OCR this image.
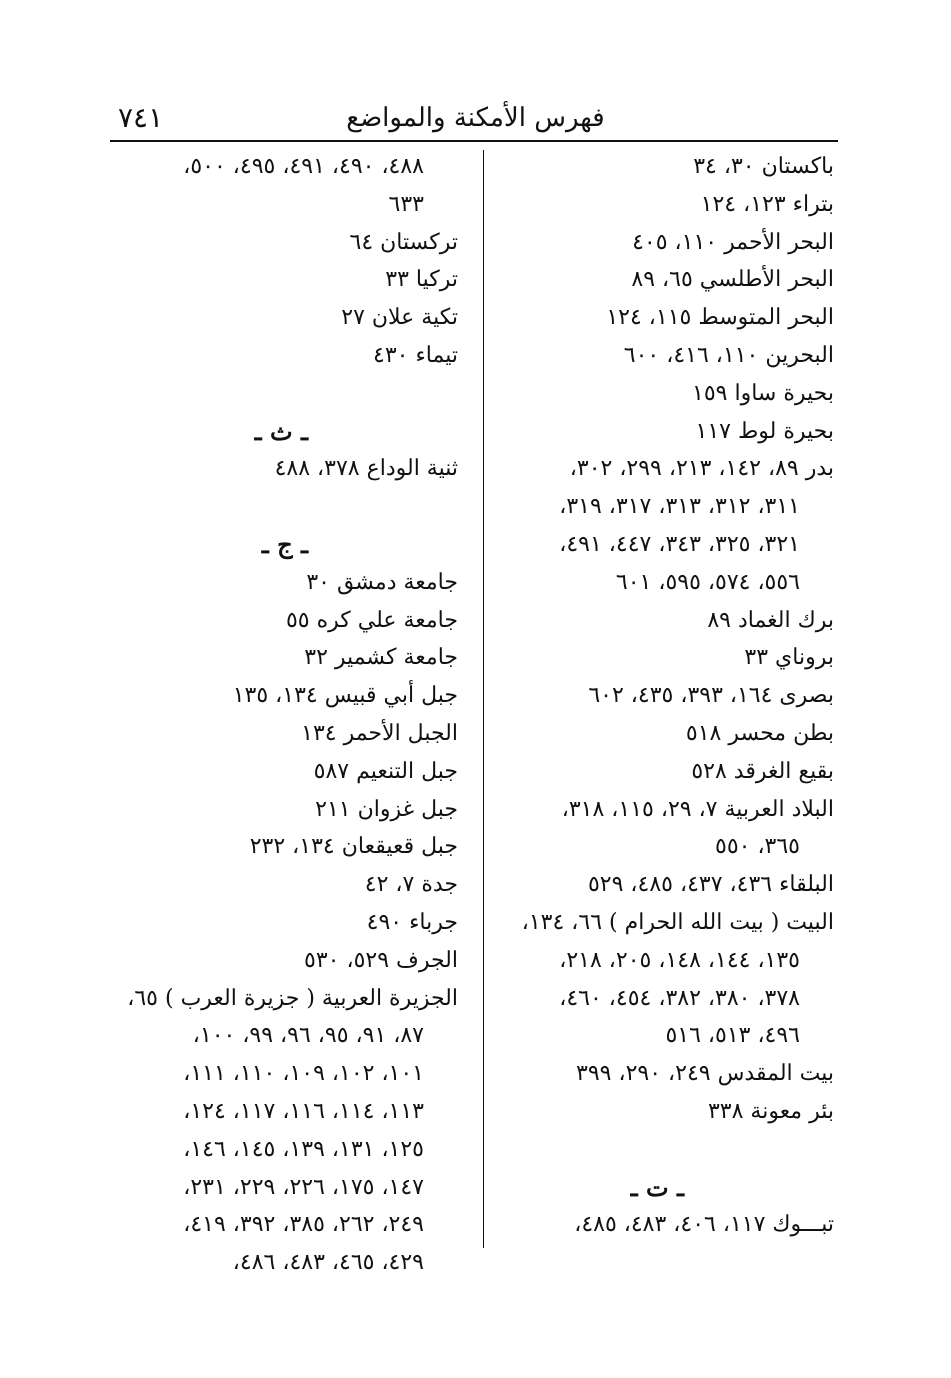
٧٤١	فهرس الأمكنة والمواضع
باكستان ٣٠، ٣٤
بتراء ١٢٣، ١٢٤
البحر الأحمر ١١٠، ٤٠٥
البحر الأطلسي ٦٥، ٨٩
البحر المتوسط ١١٥، ١٢٤
البحرين ١١٠، ٤١٦، ٦٠٠
بحيرة ساوا ١٥٩
بحيرة لوط ١١٧
بدر ٨٩، ١٤٢، ٢١٣، ٢٩٩، ٣٠٢،
٣١١، ٣١٢، ٣١٣، ٣١٧، ٣١٩،
٣٢١، ٣٢٥، ٣٤٣، ٤٤٧، ٤٩١،
٥٥٦، ٥٧٤، ٥٩٥، ٦٠١
برك الغماد ٨٩
بروناي ٣٣
بصرى ١٦٤، ٣٩٣، ٤٣٥، ٦٠٢
بطن محسر ٥١٨
بقيع الغرقد ٥٢٨
البلاد العربية ٧، ٢٩، ١١٥، ٣١٨،
٣٦٥، ٥٥٠
البلقاء ٤٣٦، ٤٣٧، ٤٨٥، ٥٢٩
البيت ( بيت الله الحرام ) ٦٦، ١٣٤،
١٣٥، ١٤٤، ١٤٨، ٢٠٥، ٢١٨،
٣٧٨، ٣٨٠، ٣٨٢، ٤٥٤، ٤٦٠،
٤٩٦، ٥١٣، ٥١٦
بيت المقدس ٢٤٩، ٢٩٠، ٣٩٩
بئر معونة ٣٣٨
ـ ت ـ
تبـــوك ١١٧، ٤٠٦، ٤٨٣، ٤٨٥،
٤٨٨، ٤٩٠، ٤٩١، ٤٩٥، ٥٠٠،
٦٣٣
تركستان ٦٤
تركيا ٣٣
تكية علان ٢٧
تيماء ٤٣٠
ـ ث ـ
ثنية الوداع ٣٧٨، ٤٨٨
ـ ج ـ
جامعة دمشق ٣٠
جامعة علي كره ٥٥
جامعة كشمير ٣٢
جبل أبي قبيس ١٣٤، ١٣٥
الجبل الأحمر ١٣٤
جبل التنعيم ٥٨٧
جبل غزوان ٢١١
جبل قعيقعان ١٣٤، ٢٣٢
جدة ٧، ٤٢
جرباء ٤٩٠
الجرف ٥٢٩، ٥٣٠
الجزيرة العربية ( جزيرة العرب ) ٦٥،
٨٧، ٩١، ٩٥، ٩٦، ٩٩، ١٠٠،
١٠١، ١٠٢، ١٠٩، ١١٠، ١١١،
١١٣، ١١٤، ١١٦، ١١٧، ١٢٤،
١٢٥، ١٣١، ١٣٩، ١٤٥، ١٤٦،
١٤٧، ١٧٥، ٢٢٦، ٢٢٩، ٢٣١،
٢٤٩، ٢٦٢، ٣٨٥، ٣٩٢، ٤١٩،
٤٢٩، ٤٦٥، ٤٨٣، ٤٨٦،
